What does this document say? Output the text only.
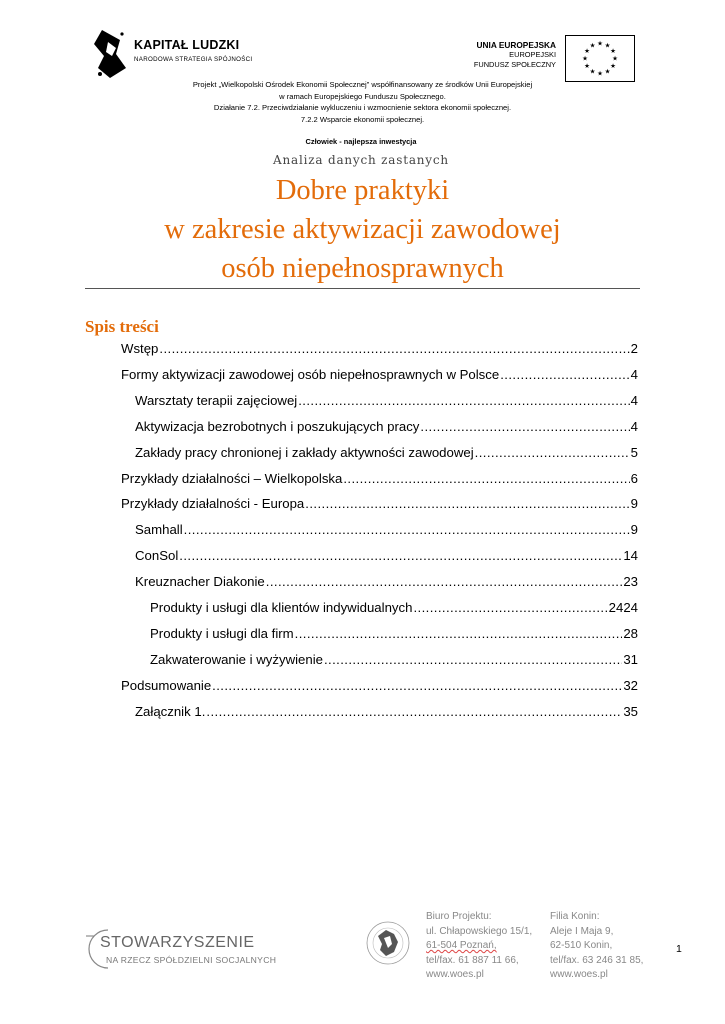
KAPITAŁ LUDZKI
NARODOWA STRATEGIA SPÓJNOŚCI
UNIA EUROPEJSKA
EUROPEJSKI
FUNDUSZ SPOŁECZNY
★ ★
★
★
★
★
★
★
★
★
★
★
Projekt „Wielkopolski Ośrodek Ekonomii Społecznej” współfinansowany ze środków Unii Europejskiej
w ramach Europejskiego Funduszu Społecznego.
Działanie 7.2. Przeciwdziałanie wykluczeniu i wzmocnienie sektora ekonomii społecznej.
7.2.2 Wsparcie ekonomii społecznej.
Człowiek - najlepsza inwestycja
Analiza danych zastanych
Dobre praktyki
w zakresie aktywizacji zawodowej
osób niepełnosprawnych
Spis treści
Wstęp .....	2
Formy aktywizacji zawodowej osób niepełnosprawnych w Polsce .....	4
Warsztaty terapii zajęciowej .....	4
Aktywizacja bezrobotnych i poszukujących pracy .....	4
Zakłady pracy chronionej i zakłady aktywności zawodowej .....	5
Przykłady działalności – Wielkopolska .....	6
Przykłady działalności - Europa .....	9
Samhall .....	9
ConSol .....	14
Kreuznacher Diakonie .....	23
Produkty i usługi dla klientów indywidualnych .....	2424
Produkty i usługi dla firm .....	28
Zakwaterowanie i wyżywienie .....	31
Podsumowanie .....	32
Załącznik 1. .....	35
STOWARZYSZENIE
NA RZECZ SPÓŁDZIELNI SOCJALNYCH
Biuro Projektu:
ul. Chłapowskiego 15/1,
61-504 Poznań,
tel/fax. 61 887 11 66,
www.woes.pl
Filia Konin:
Aleje I Maja 9,
62-510 Konin,
tel/fax. 63 246 31 85,
www.woes.pl
1
